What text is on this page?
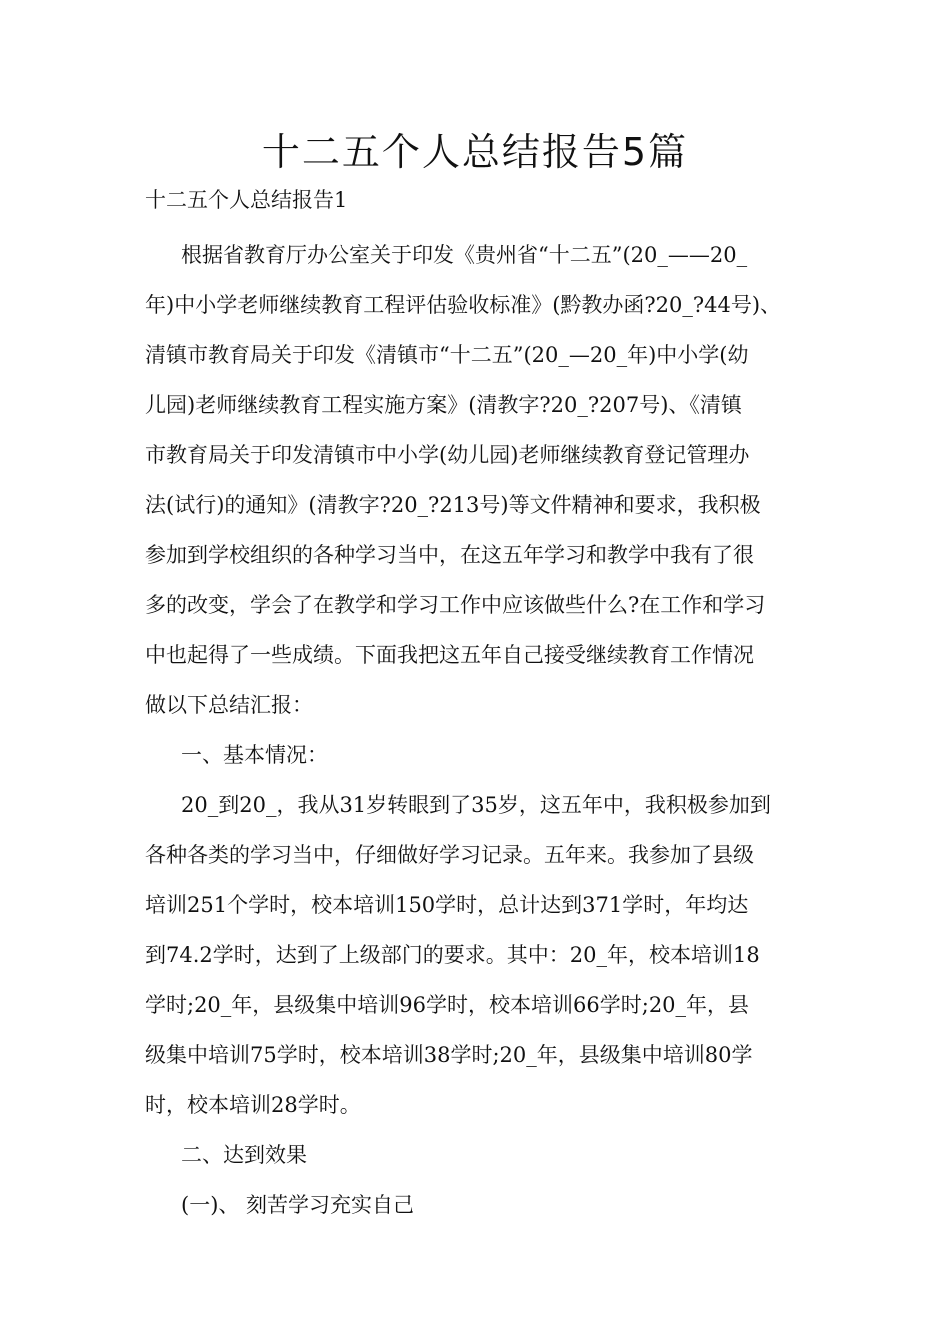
十二五个人总结报告5篇

十二五个人总结报告1

根据省教育厅办公室关于印发《贵州省“十二五”(20_——20_
年)中小学老师继续教育工程评估验收标准》(黔教办函?20_?44号)、
清镇市教育局关于印发《清镇市“十二五”(20_—20_年)中小学(幼
儿园)老师继续教育工程实施方案》(清教字?20_?207号)、《清镇
市教育局关于印发清镇市中小学(幼儿园)老师继续教育登记管理办
法(试行)的通知》(清教字?20_?213号)等文件精神和要求，我积极
参加到学校组织的各种学习当中，在这五年学习和教学中我有了很
多的改变，学会了在教学和学习工作中应该做些什么?在工作和学习
中也起得了一些成绩。下面我把这五年自己接受继续教育工作情况
做以下总结汇报：
一、基本情况：
20_到20_，我从31岁转眼到了35岁，这五年中，我积极参加到
各种各类的学习当中，仔细做好学习记录。五年来。我参加了县级
培训251个学时，校本培训150学时，总计达到371学时，年均达
到74.2学时，达到了上级部门的要求。其中：20_年，校本培训18
学时;20_年，县级集中培训96学时，校本培训66学时;20_年，县
级集中培训75学时，校本培训38学时;20_年，县级集中培训80学
时，校本培训28学时。
二、达到效果
(一)、 刻苦学习充实自己
